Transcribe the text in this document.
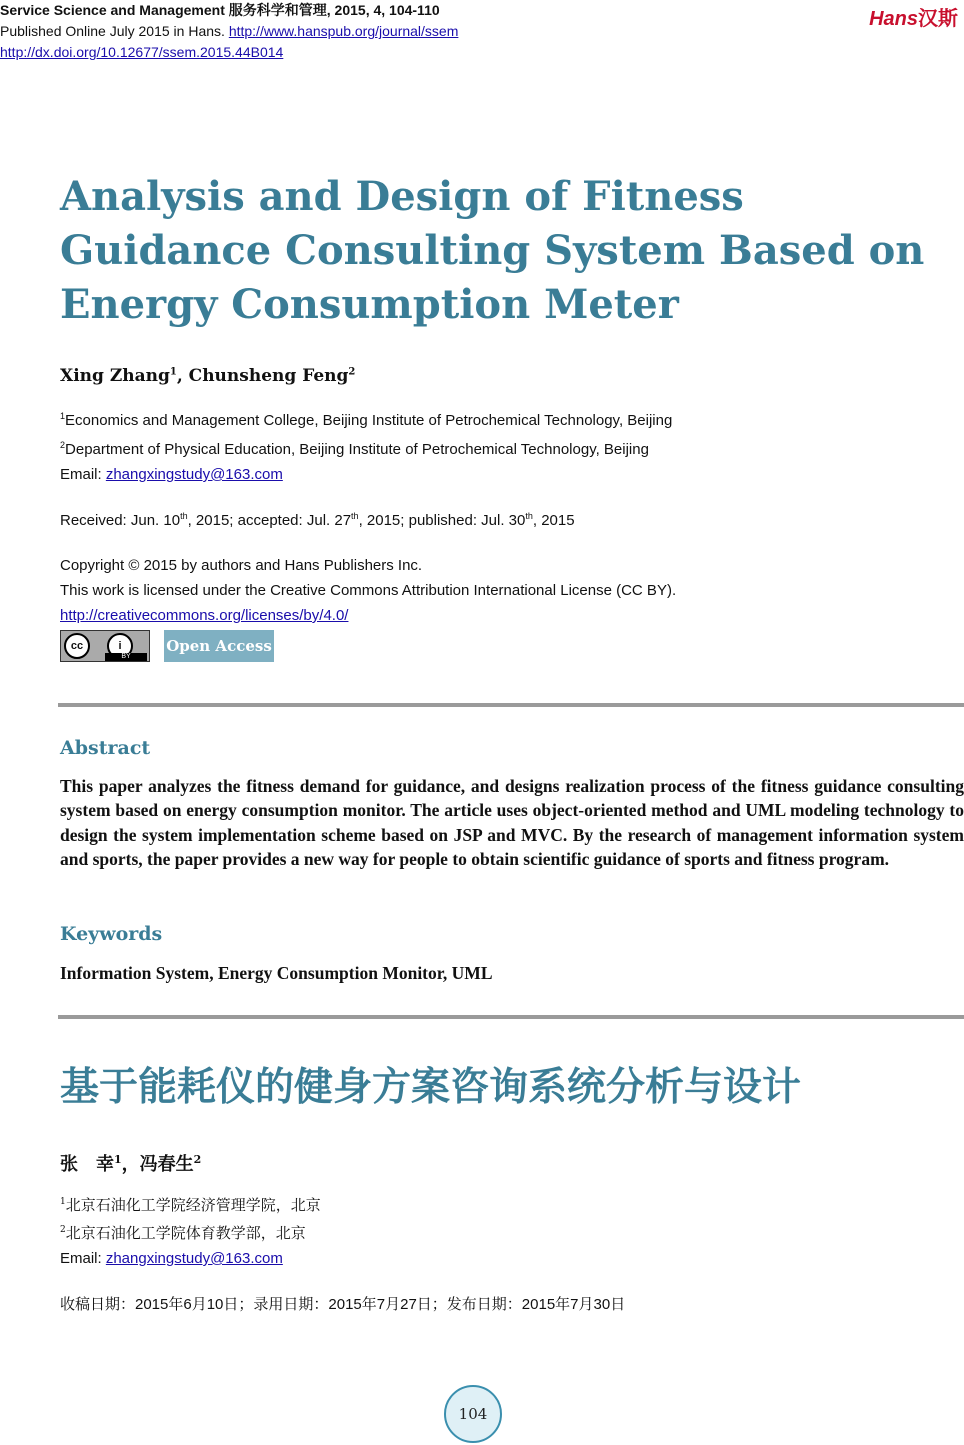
Service Science and Management 服务科学和管理, 2015, 4, 104-110
Published Online July 2015 in Hans. http://www.hanspub.org/journal/ssem
http://dx.doi.org/10.12677/ssem.2015.44B014
Hans汉斯
Analysis and Design of Fitness Guidance Consulting System Based on Energy Consumption Meter
Xing Zhang$^1$, Chunsheng Feng$^2$
$^1$Economics and Management College, Beijing Institute of Petrochemical Technology, Beijing
$^2$Department of Physical Education, Beijing Institute of Petrochemical Technology, Beijing
Email: zhangxingstudy@163.com
Received: Jun. 10th, 2015; accepted: Jul. 27th, 2015; published: Jul. 30th, 2015
Copyright © 2015 by authors and Hans Publishers Inc.
This work is licensed under the Creative Commons Attribution International License (CC BY).
http://creativecommons.org/licenses/by/4.0/
cc	i
BY
Open Access
Abstract

This paper analyzes the fitness demand for guidance, and designs realization process of the fitness guidance consulting system based on energy consumption monitor. The article uses object-oriented method and UML modeling technology to design the system implementation scheme based on JSP and MVC. By the research of management information system and sports, the paper provides a new way for people to obtain scientific guidance of sports and fitness program.

Keywords
Information System, Energy Consumption Monitor, UML
基于能耗仪的健身方案咨询系统分析与设计
张　幸$^1$，冯春生$^2$
$^1$北京石油化工学院经济管理学院，北京
$^2$北京石油化工学院体育教学部，北京
Email: zhangxingstudy@163.com
收稿日期：2015年6月10日；录用日期：2015年7月27日；发布日期：2015年7月30日
104
